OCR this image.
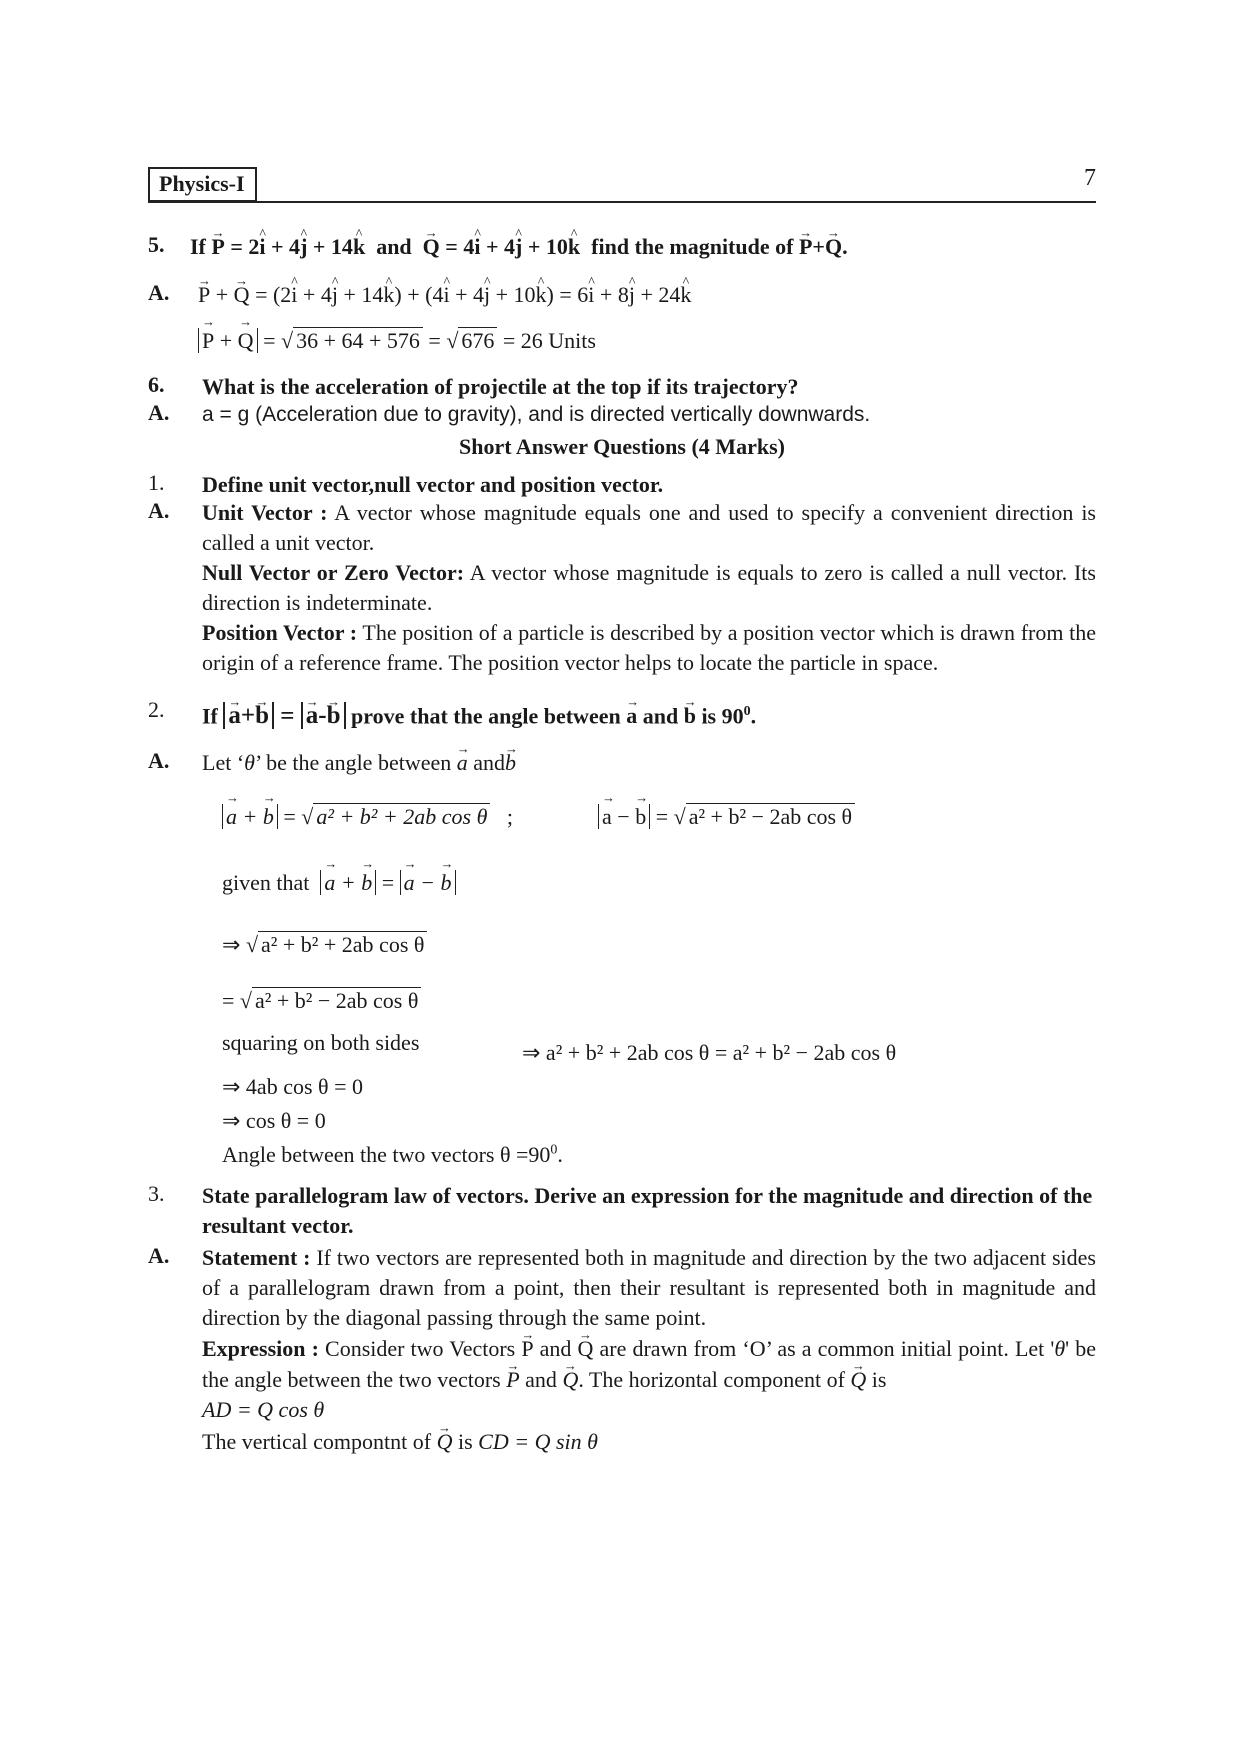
Physics-I	7
5. If → P = 2^ i + 4^ j + 14^ k and → Q = 4^ i + 4^ j + 10^ k find the magnitude of → P+→ Q.
A. → P + → Q = (2^ i + 4^ j + 14^ k) + (4^ i + 4^ j + 10^ k) = 6^ i + 8^ j + 24^ k
→ P + → Q = √ 36 + 64 + 576 = √ 676 = 26 Units
6. What is the acceleration of projectile at the top if its trajectory?
A. a = g (Acceleration due to gravity), and is directed vertically downwards.
Short Answer Questions (4 Marks)
1. Define unit vector,null vector and position vector.
A. Unit Vector : A vector whose magnitude equals one and used to specify a convenient direction is called a unit vector.
Null Vector or Zero Vector: A vector whose magnitude is equals to zero is called a null vector. Its direction is indeterminate.
Position Vector : The position of a particle is described by a position vector which is drawn from the origin of a reference frame. The position vector helps to locate the particle in space.
2. If → a+→ b = → a-→ b prove that the angle between → a and → b is $90^0$.
A. Let ‘θ’ be the angle between → a and→ b
→ a + → b = √ a² + b² + 2ab cos θ ;	→ a − → b = √ a² + b² − 2ab cos θ
given that → a + → b = → a − → b
⇒ √ a² + b² + 2ab cos θ
= √ a² + b² − 2ab cos θ
squaring on both sides	⇒ a² + b² + 2ab cos θ = a² + b² − 2ab cos θ
⇒ 4ab cos θ = 0
⇒ cos θ = 0
Angle between the two vectors $\theta =90^0$.
3. State parallelogram law of vectors. Derive an expression for the magnitude and direction of the resultant vector.
A. Statement : If two vectors are represented both in magnitude and direction by the two adjacent sides of a parallelogram drawn from a point, then their resultant is represented both in magnitude and direction by the diagonal passing through the same point.
Expression : Consider two Vectors → P and → Q are drawn from ‘O’ as a common initial point. Let 'θ' be the angle between the two vectors → P and → Q. The horizontal component of → Q is
AD = Q cos θ
The vertical compontnt of → Q is CD = Q sin θ
